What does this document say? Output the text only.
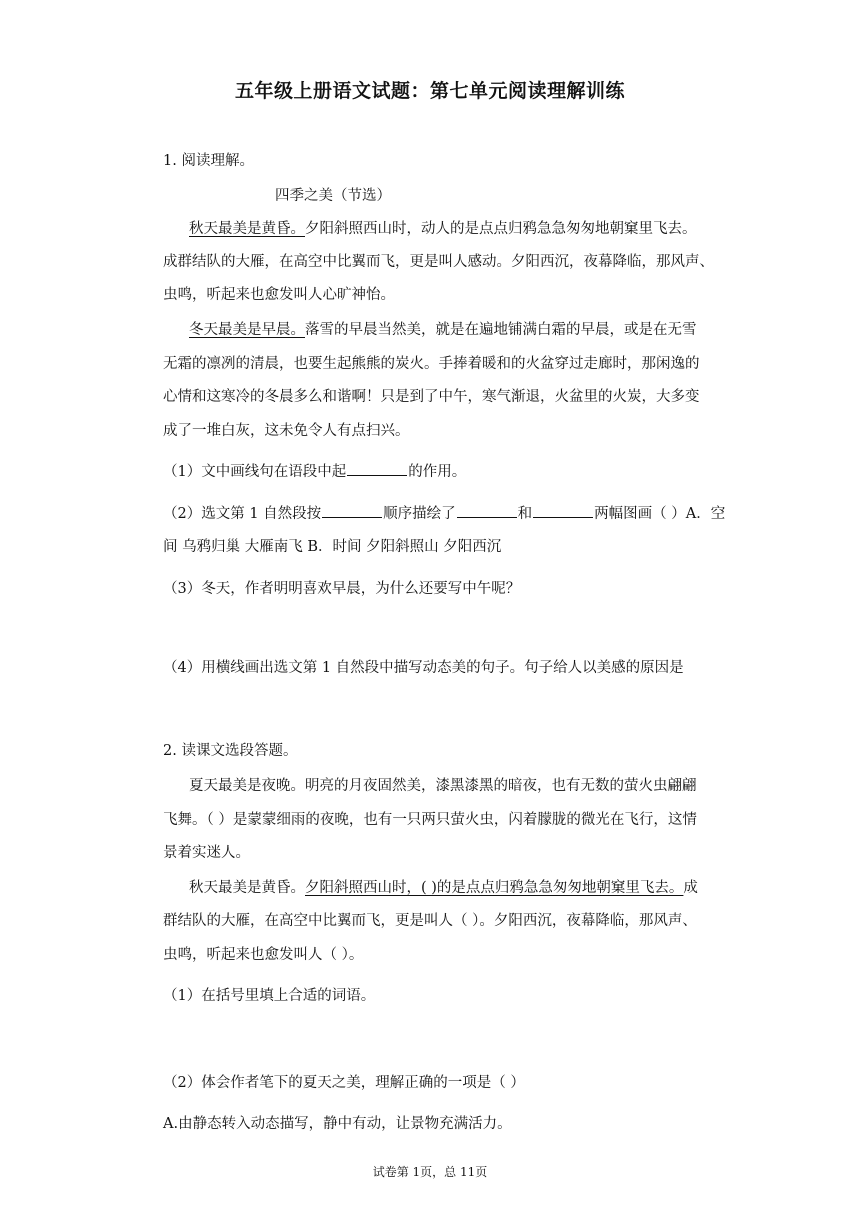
五年级上册语文试题：第七单元阅读理解训练
1. 阅读理解。
四季之美（节选）
秋天最美是黄昏。夕阳斜照西山时，动人的是点点归鸦急急匆匆地朝窠里飞去。
成群结队的大雁，在高空中比翼而飞，更是叫人感动。夕阳西沉，夜幕降临，那风声、
虫鸣，听起来也愈发叫人心旷神怡。
冬天最美是早晨。落雪的早晨当然美，就是在遍地铺满白霜的早晨，或是在无雪
无霜的凛冽的清晨，也要生起熊熊的炭火。手捧着暖和的火盆穿过走廊时，那闲逸的
心情和这寒冷的冬晨多么和谐啊！只是到了中午，寒气渐退，火盆里的火炭，大多变
成了一堆白灰，这未免令人有点扫兴。
（1）文中画线句在语段中起	的作用。
（2）选文第 1 自然段按	顺序描绘了	和	两幅图画（ ）A．空
间 乌鸦归巢 大雁南飞 B．时间 夕阳斜照山 夕阳西沉
（3）冬天，作者明明喜欢早晨，为什么还要写中午呢？
（4）用横线画出选文第 1 自然段中描写动态美的句子。句子给人以美感的原因是
2. 读课文选段答题。
夏天最美是夜晚。明亮的月夜固然美，漆黑漆黑的暗夜，也有无数的萤火虫翩翩
飞舞。（ ）是蒙蒙细雨的夜晚，也有一只两只萤火虫，闪着朦胧的微光在飞行，这情
景着实迷人。
秋天最美是黄昏。夕阳斜照西山时，( )的是点点归鸦急急匆匆地朝窠里飞去。成
群结队的大雁，在高空中比翼而飞，更是叫人（ ）。夕阳西沉，夜幕降临，那风声、
虫鸣，听起来也愈发叫人（ ）。
（1）在括号里填上合适的词语。
（2）体会作者笔下的夏天之美，理解正确的一项是（ ）
A.由静态转入动态描写，静中有动，让景物充满活力。
试卷第 1页，总 11页
